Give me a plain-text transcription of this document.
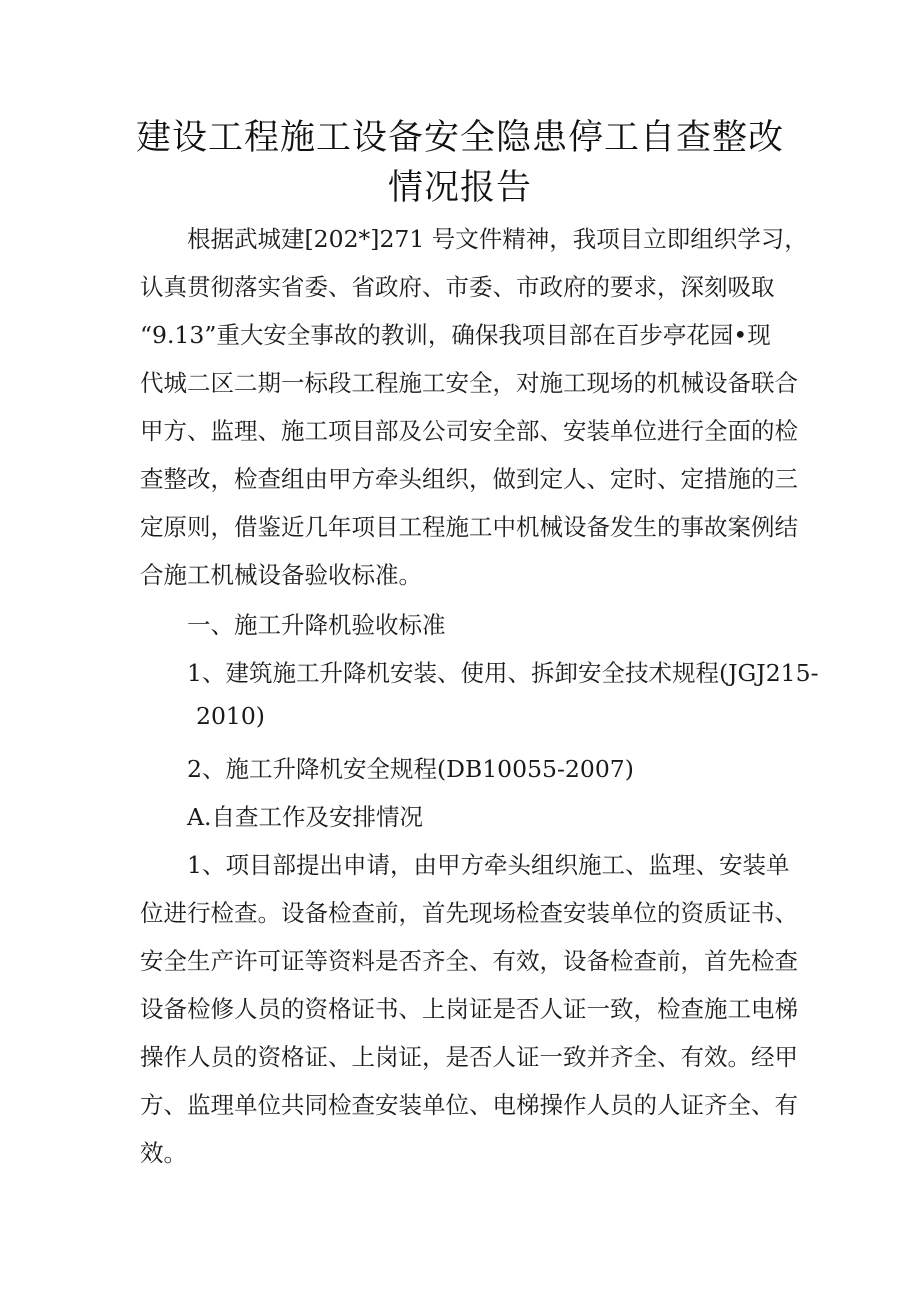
建设工程施工设备安全隐患停工自查整改
情况报告
根据武城建[202*]271 号文件精神，我项目立即组织学习，
认真贯彻落实省委、省政府、市委、市政府的要求，深刻吸取
“9.13”重大安全事故的教训，确保我项目部在百步亭花园•现
代城二区二期一标段工程施工安全，对施工现场的机械设备联合
甲方、监理、施工项目部及公司安全部、安装单位进行全面的检
查整改，检查组由甲方牵头组织，做到定人、定时、定措施的三
定原则，借鉴近几年项目工程施工中机械设备发生的事故案例结
合施工机械设备验收标准。
一、施工升降机验收标准
1、建筑施工升降机安装、使用、拆卸安全技术规程(JGJ215-
2010)
2、施工升降机安全规程(DB10055-2007)
A.自查工作及安排情况
1、项目部提出申请，由甲方牵头组织施工、监理、安装单
位进行检查。设备检查前，首先现场检查安装单位的资质证书、
安全生产许可证等资料是否齐全、有效，设备检查前，首先检查
设备检修人员的资格证书、上岗证是否人证一致，检查施工电梯
操作人员的资格证、上岗证，是否人证一致并齐全、有效。经甲
方、监理单位共同检查安装单位、电梯操作人员的人证齐全、有
效。
